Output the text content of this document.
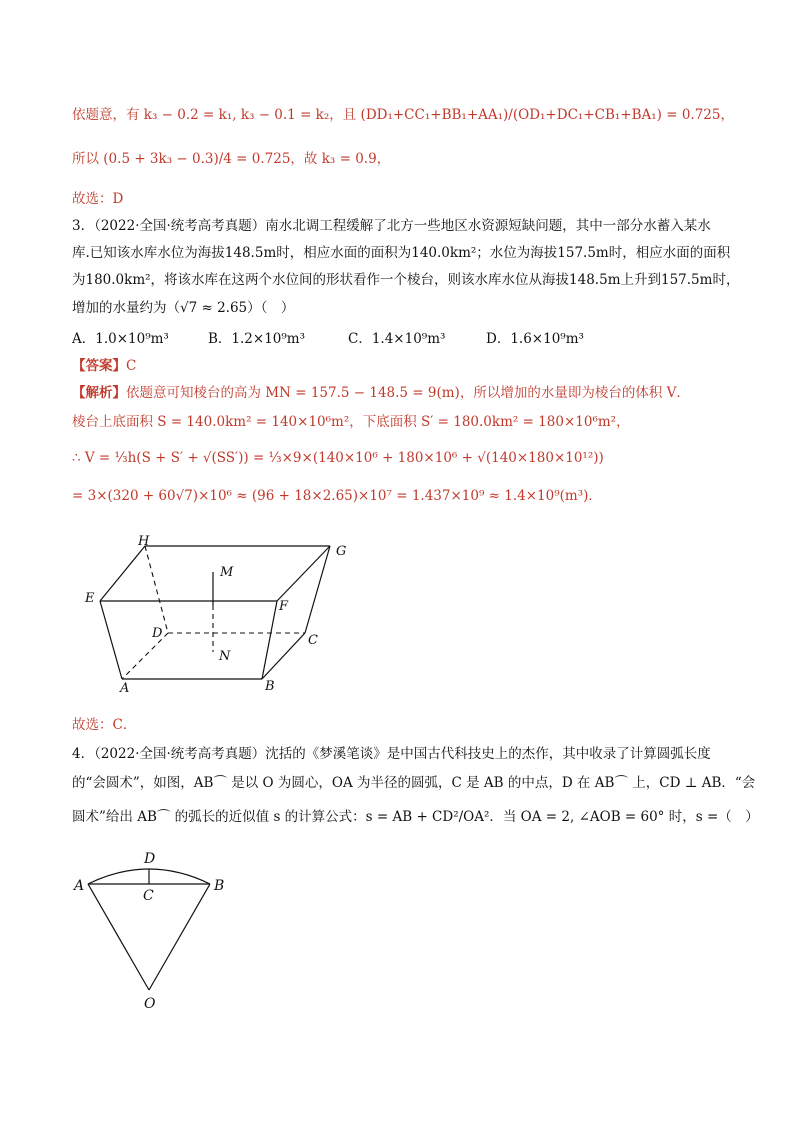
依题意，有 k₃ − 0.2 = k₁, k₃ − 0.1 = k₂，且 (DD₁+CC₁+BB₁+AA₁)/(OD₁+DC₁+CB₁+BA₁) = 0.725，
所以 (0.5 + 3k₃ − 0.3)/4 = 0.725，故 k₃ = 0.9，
故选：D
3．（2022·全国·统考高考真题）南水北调工程缓解了北方一些地区水资源短缺问题，其中一部分水蓄入某水
库.已知该水库水位为海拔148.5m时，相应水面的面积为140.0km²；水位为海拔157.5m时，相应水面的面积
为180.0km²，将该水库在这两个水位间的形状看作一个棱台，则该水库水位从海拔148.5m上升到157.5m时，
增加的水量约为（√7 ≈ 2.65）（　）
A．1.0×10⁹m³	B．1.2×10⁹m³	C．1.4×10⁹m³	D．1.6×10⁹m³
【答案】C
【解析】依题意可知棱台的高为 MN = 157.5 − 148.5 = 9(m)，所以增加的水量即为棱台的体积 V．
棱台上底面积 S = 140.0km² = 140×10⁶m²，下底面积 S′ = 180.0km² = 180×10⁶m²，
∴ V = ⅓h(S + S′ + √(SS′)) = ⅓×9×(140×10⁶ + 180×10⁶ + √(140×180×10¹²))
= 3×(320 + 60√7)×10⁶ ≈ (96 + 18×2.65)×10⁷ = 1.437×10⁹ ≈ 1.4×10⁹(m³)．
H
G
M
E
F
D	C
N
A	B
故选：C．
4．（2022·全国·统考高考真题）沈括的《梦溪笔谈》是中国古代科技史上的杰作，其中收录了计算圆弧长度
的“会圆术”，如图，AB⌒ 是以 O 为圆心，OA 为半径的圆弧，C 是 AB 的中点，D 在 AB⌒ 上，CD ⊥ AB．“会
圆术”给出 AB⌒ 的弧长的近似值 s 的计算公式：s = AB + CD²/OA²．当 OA = 2, ∠AOB = 60° 时，s =（　）
D
A
C
B
O
